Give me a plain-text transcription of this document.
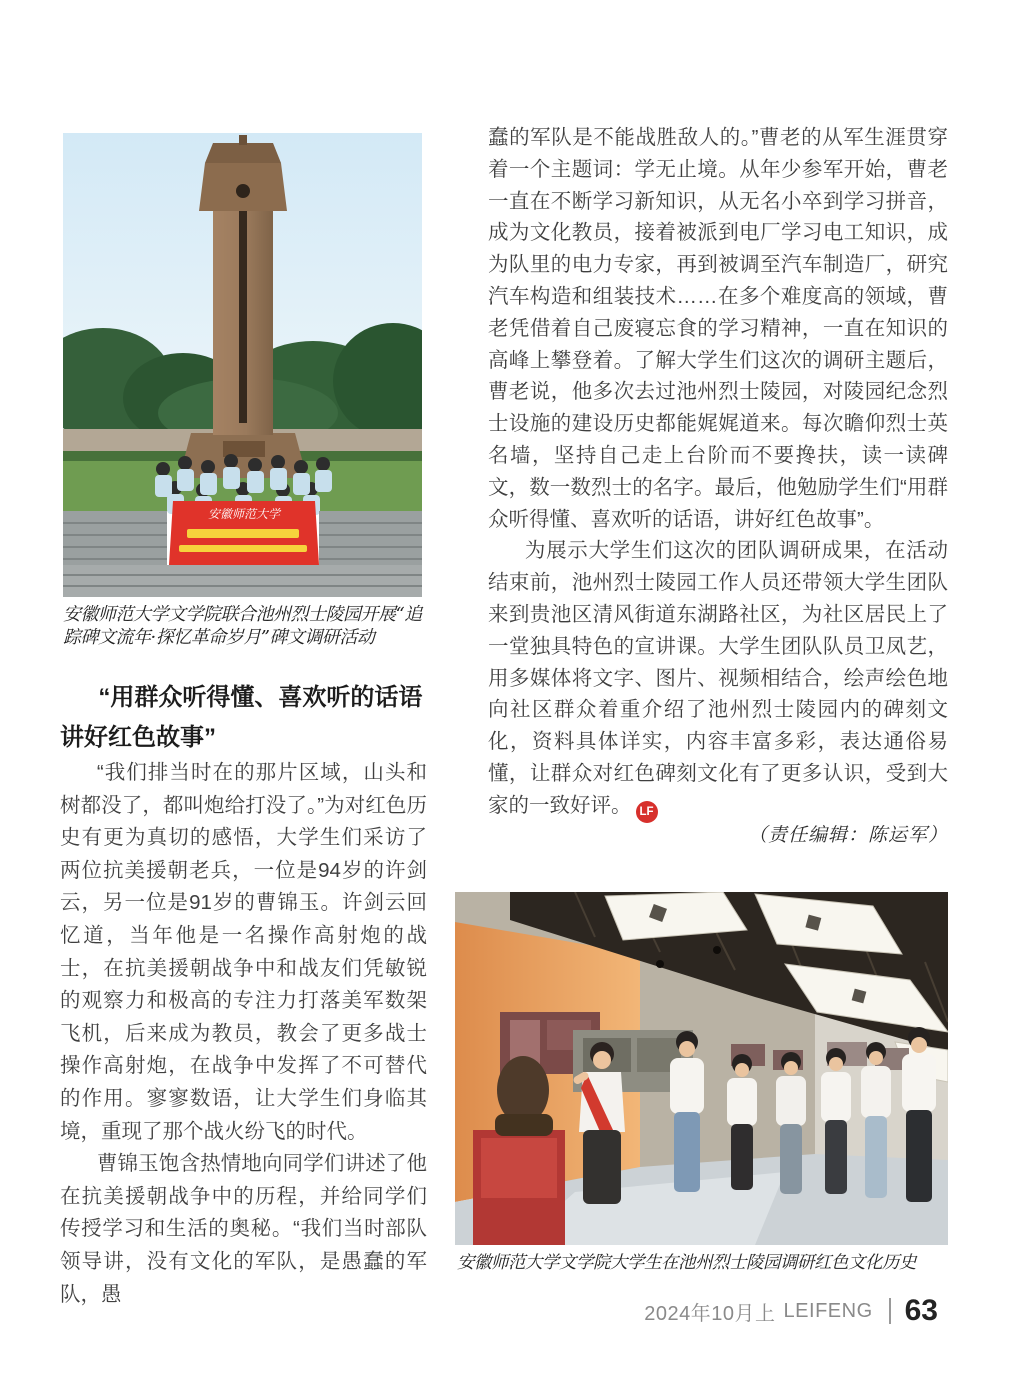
安徽师范大学
安徽师范大学文学院联合池州烈士陵园开展“追踪碑文流年·探忆革命岁月”碑文调研活动
“用群众听得懂、喜欢听的话语讲好红色故事”

“我们排当时在的那片区域，山头和树都没了，都叫炮给打没了。”为对红色历史有更为真切的感悟，大学生们采访了两位抗美援朝老兵，一位是94岁的许剑云，另一位是91岁的曹锦玉。许剑云回忆道，当年他是一名操作高射炮的战士，在抗美援朝战争中和战友们凭敏锐的观察力和极高的专注力打落美军数架飞机，后来成为教员，教会了更多战士操作高射炮，在战争中发挥了不可替代的作用。寥寥数语，让大学生们身临其境，重现了那个战火纷飞的时代。

曹锦玉饱含热情地向同学们讲述了他在抗美援朝战争中的历程，并给同学们传授学习和生活的奥秘。“我们当时部队领导讲，没有文化的军队，是愚蠢的军队，愚

蠢的军队是不能战胜敌人的。”曹老的从军生涯贯穿着一个主题词：学无止境。从年少参军开始，曹老一直在不断学习新知识，从无名小卒到学习拼音，成为文化教员，接着被派到电厂学习电工知识，成为队里的电力专家，再到被调至汽车制造厂，研究汽车构造和组装技术……在多个难度高的领域，曹老凭借着自己废寝忘食的学习精神，一直在知识的高峰上攀登着。了解大学生们这次的调研主题后，曹老说，他多次去过池州烈士陵园，对陵园纪念烈士设施的建设历史都能娓娓道来。每次瞻仰烈士英名墙，坚持自己走上台阶而不要搀扶，读一读碑文，数一数烈士的名字。最后，他勉励学生们“用群众听得懂、喜欢听的话语，讲好红色故事”。

为展示大学生们这次的团队调研成果，在活动结束前，池州烈士陵园工作人员还带领大学生团队来到贵池区清风街道东湖路社区，为社区居民上了一堂独具特色的宣讲课。大学生团队队员卫凤艺，用多媒体将文字、图片、视频相结合，绘声绘色地向社区群众着重介绍了池州烈士陵园内的碑刻文化，资料具体详实，内容丰富多彩，表达通俗易懂，让群众对红色碑刻文化有了更多认识，受到大家的一致好评。 LF

（责任编辑：陈运军）
安徽师范大学文学院大学生在池州烈士陵园调研红色文化历史
2024年10月上 LEIFENG 63
